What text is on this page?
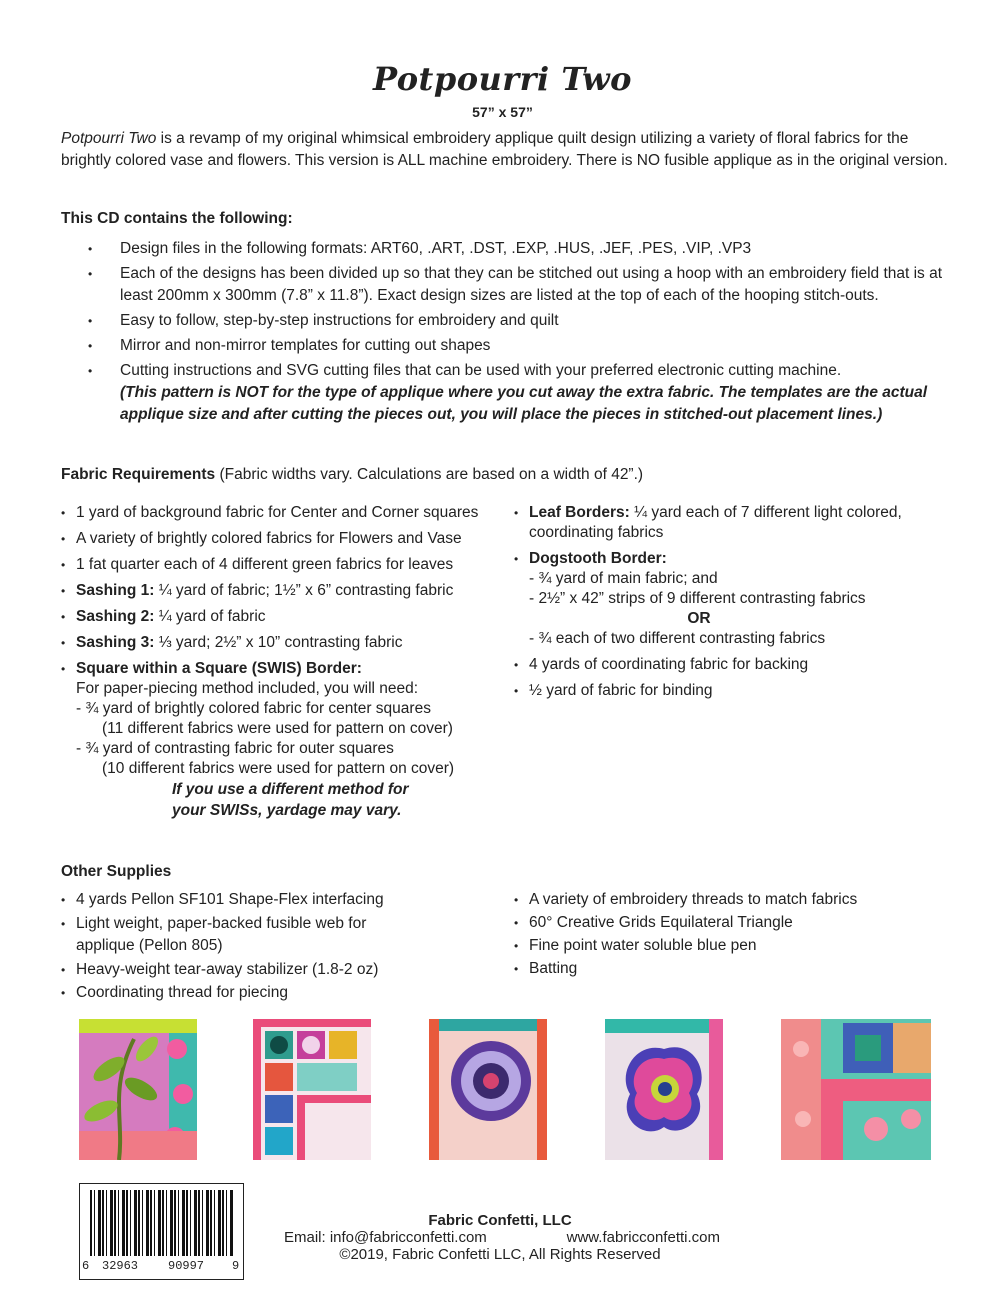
Potpourri Two
57” x 57”
Potpourri Two is a revamp of my original whimsical embroidery applique quilt design utilizing a variety of floral fabrics for the brightly colored vase and flowers. This version is ALL machine embroidery. There is NO fusible applique as in the original version.
This CD contains the following:
• Design files in the following formats: ART60, .ART, .DST, .EXP, .HUS, .JEF, .PES, .VIP, .VP3
• Each of the designs has been divided up so that they can be stitched out using a hoop with an embroidery field that is at least 200mm x 300mm (7.8” x 11.8”). Exact design sizes are listed at the top of each of the hooping stitch-outs.
• Easy to follow, step-by-step instructions for embroidery and quilt
• Mirror and non-mirror templates for cutting out shapes
• Cutting instructions and SVG cutting files that can be used with your preferred electronic cutting machine.
(This pattern is NOT for the type of applique where you cut away the extra fabric. The templates are the actual applique size and after cutting the pieces out, you will place the pieces in stitched-out placement lines.)
Fabric Requirements (Fabric widths vary. Calculations are based on a width of 42”.)
• 1 yard of background fabric for Center and Corner squares
• A variety of brightly colored fabrics for Flowers and Vase
• 1 fat quarter each of 4 different green fabrics for leaves
• Sashing 1: ¼ yard of fabric; 1½” x 6” contrasting fabric
• Sashing 2: ¼ yard of fabric
• Sashing 3: ⅓ yard; 2½” x 10” contrasting fabric
• Square within a Square (SWIS) Border:
For paper-piecing method included, you will need:
- ¾ yard of brightly colored fabric for center squares
(11 different fabrics were used for pattern on cover)
- ¾ yard of contrasting fabric for outer squares
(10 different fabrics were used for pattern on cover)
If you use a different method for
your SWISs, yardage may vary.
• Leaf Borders: ¼ yard each of 7 different light colored, coordinating fabrics
• Dogstooth Border:
- ¾ yard of main fabric; and
- 2½” x 42” strips of 9 different contrasting fabrics
OR
- ¾ each of two different contrasting fabrics
• 4 yards of coordinating fabric for backing
• ½ yard of fabric for binding
Other Supplies
• 4 yards Pellon SF101 Shape-Flex interfacing
• Light weight, paper-backed fusible web for applique (Pellon 805)
• Heavy-weight tear-away stabilizer (1.8-2 oz)
• Coordinating thread for piecing
• A variety of embroidery threads to match fabrics
• 60° Creative Grids Equilateral Triangle
• Fine point water soluble blue pen
• Batting
6 32963 90997 9
Fabric Confetti, LLC
Email: info@fabricconfetti.com	www.fabricconfetti.com
©2019, Fabric Confetti LLC, All Rights Reserved
